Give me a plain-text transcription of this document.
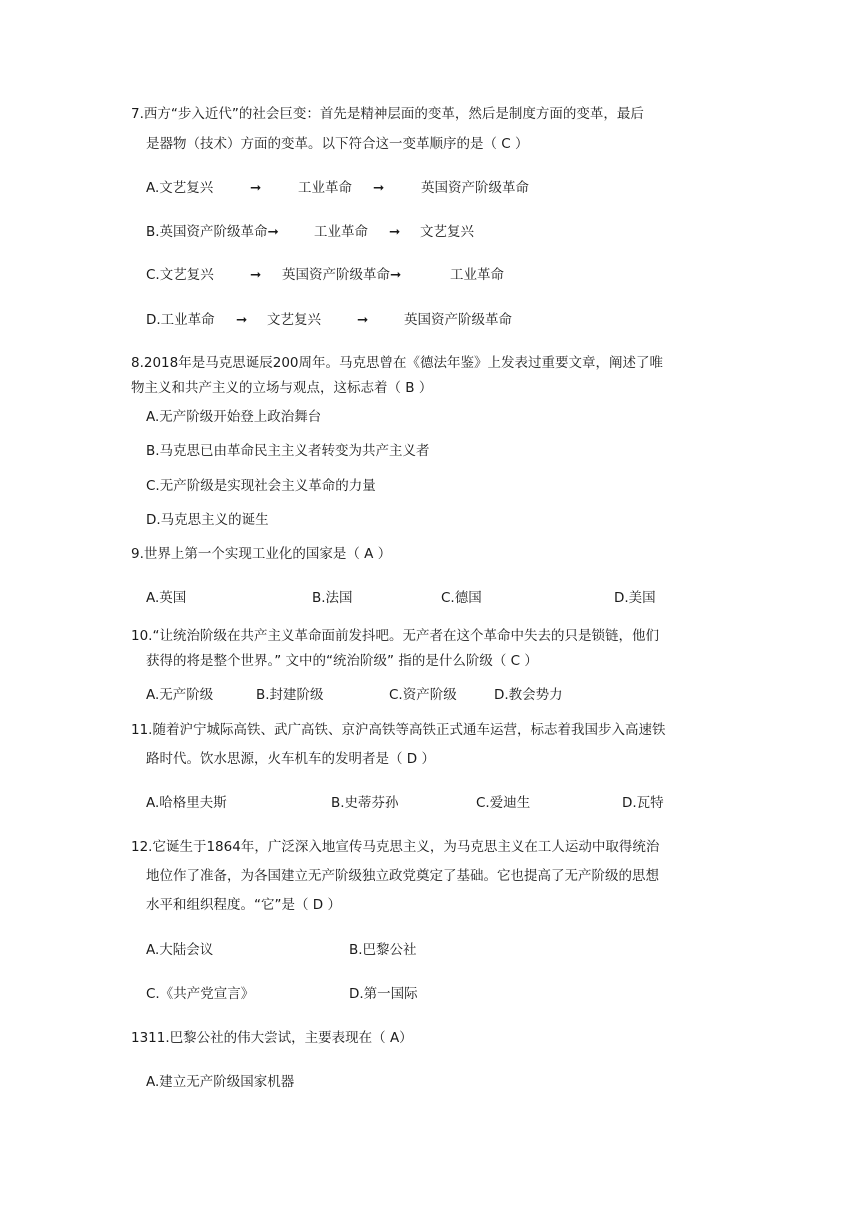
7.西方“步入近代”的社会巨变：首先是精神层面的变革，然后是制度方面的变革，最后
是器物（技术）方面的变革。以下符合这一变革顺序的是（ C ）
A.文艺复兴	➞	工业革命 ➞	英国资产阶级革命
B.英国资产阶级革命➞	工业革命 ➞ 文艺复兴
C.文艺复兴	➞ 英国资产阶级革命➞	工业革命
D.工业革命 ➞ 文艺复兴	➞	英国资产阶级革命
8.2018年是马克思诞辰200周年。马克思曾在《德法年鉴》上发表过重要文章，阐述了唯
物主义和共产主义的立场与观点，这标志着（ B ）
A.无产阶级开始登上政治舞台
B.马克思已由革命民主主义者转变为共产主义者
C.无产阶级是实现社会主义革命的力量
D.马克思主义的诞生
9.世界上第一个实现工业化的国家是（ A ）
A.英国	B.法国	C.德国	D.美国
10.“让统治阶级在共产主义革命面前发抖吧。无产者在这个革命中失去的只是锁链，他们
获得的将是整个世界。” 文中的“统治阶级” 指的是什么阶级（ C ）
A.无产阶级	B.封建阶级	C.资产阶级	D.教会势力
11.随着沪宁城际高铁、武广高铁、京沪高铁等高铁正式通车运营，标志着我国步入高速铁
路时代。饮水思源，火车机车的发明者是（ D ）
A.哈格里夫斯	B.史蒂芬孙	C.爱迪生	D.瓦特
12.它诞生于1864年，广泛深入地宣传马克思主义，为马克思主义在工人运动中取得统治
地位作了准备，为各国建立无产阶级独立政党奠定了基础。它也提高了无产阶级的思想
水平和组织程度。“它”是（ D ）
A.大陆会议	B.巴黎公社
C.《共产党宣言》	D.第一国际
1311.巴黎公社的伟大尝试，主要表现在（ A）
A.建立无产阶级国家机器
